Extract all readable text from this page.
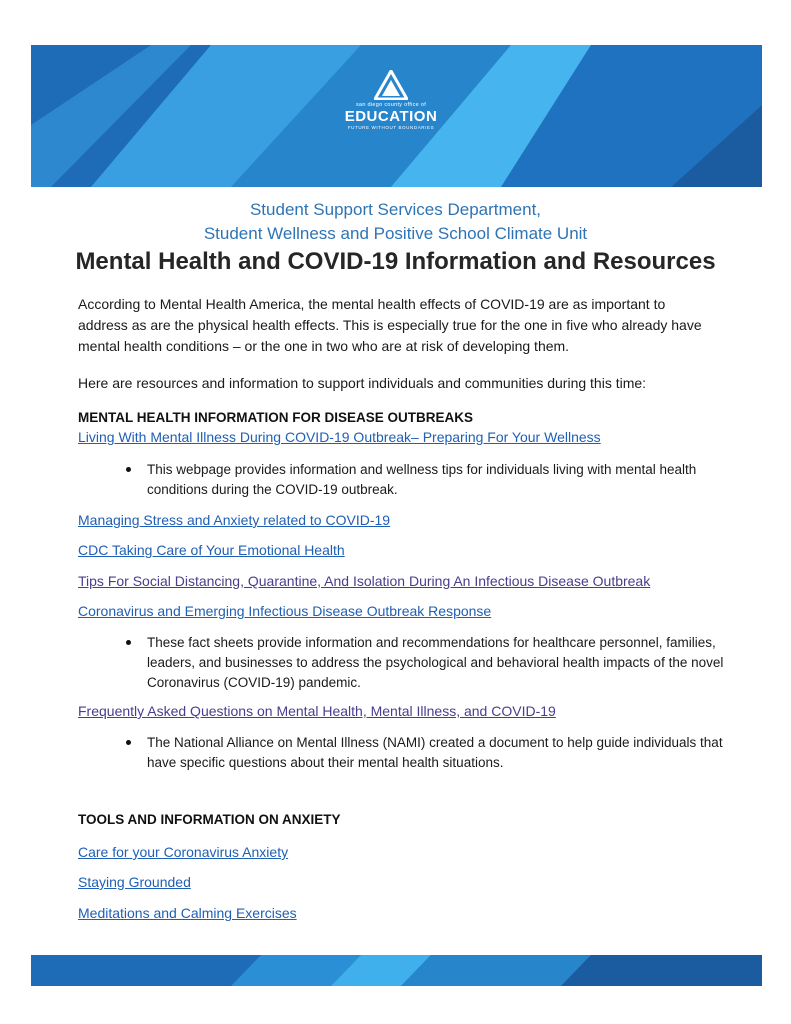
san diego county office of
EDUCATION
FUTURE WITHOUT BOUNDARIES
Student Support Services Department,
Student Wellness and Positive School Climate Unit
Mental Health and COVID-19 Information and Resources
According to Mental Health America, the mental health effects of COVID-19 are as important to address as are the physical health effects. This is especially true for the one in five who already have mental health conditions – or the one in two who are at risk of developing them.
Here are resources and information to support individuals and communities during this time:
MENTAL HEALTH INFORMATION FOR DISEASE OUTBREAKS
Living With Mental Illness During COVID-19 Outbreak– Preparing For Your Wellness
This webpage provides information and wellness tips for individuals living with mental health conditions during the COVID-19 outbreak.
Managing Stress and Anxiety related to COVID-19
CDC Taking Care of Your Emotional Health
Tips For Social Distancing, Quarantine, And Isolation During An Infectious Disease Outbreak
Coronavirus and Emerging Infectious Disease Outbreak Response
These fact sheets provide information and recommendations for healthcare personnel, families, leaders, and businesses to address the psychological and behavioral health impacts of the novel Coronavirus (COVID-19) pandemic.
Frequently Asked Questions on Mental Health, Mental Illness, and COVID-19
The National Alliance on Mental Illness (NAMI) created a document to help guide individuals that have specific questions about their mental health situations.
TOOLS AND INFORMATION ON ANXIETY
Care for your Coronavirus Anxiety
Staying Grounded
Meditations and Calming Exercises
